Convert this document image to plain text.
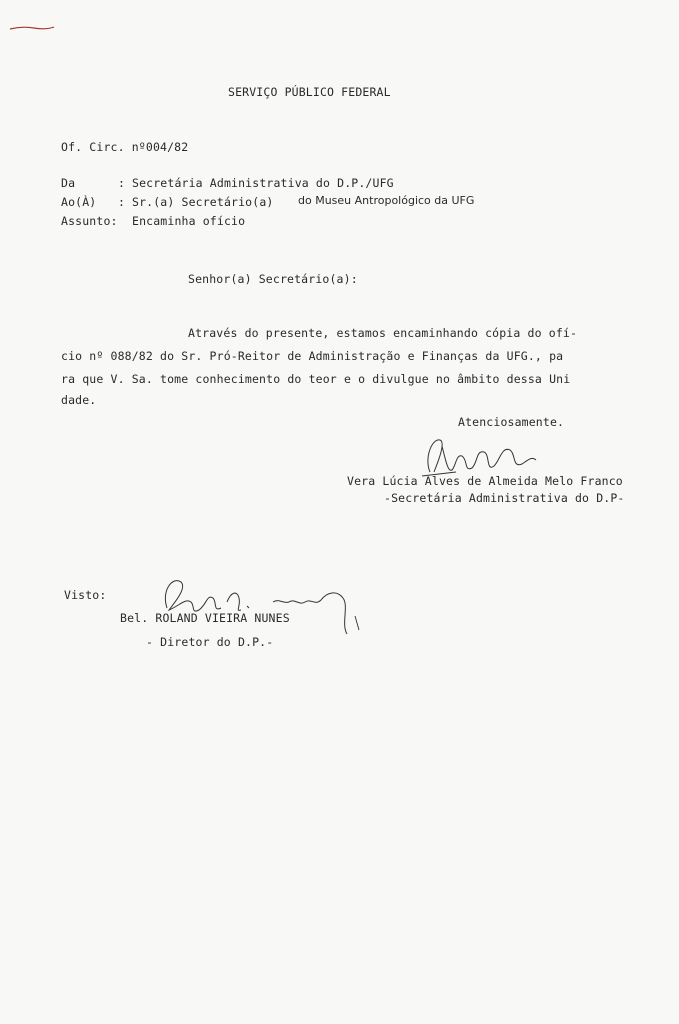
SERVIÇO PÚBLICO FEDERAL
Of. Circ. nº004/82
Da	: Secretária Administrativa do D.P./UFG
Ao(À) : Sr.(a) Secretário(a) do Museu Antropológico da UFG
Assunto: Encaminha ofício
Senhor(a) Secretário(a):
Através do presente, estamos encaminhando cópia do ofí-
cio nº 088/82 do Sr. Pró-Reitor de Administração e Finanças da UFG., pa
ra que V. Sa. tome conhecimento do teor e o divulgue no âmbito dessa Uni
dade.
Atenciosamente.
Vera Lúcia Alves de Almeida Melo Franco
-Secretária Administrativa do D.P-
Visto:
Bel. ROLAND VIEIRA NUNES
- Diretor do D.P.-
